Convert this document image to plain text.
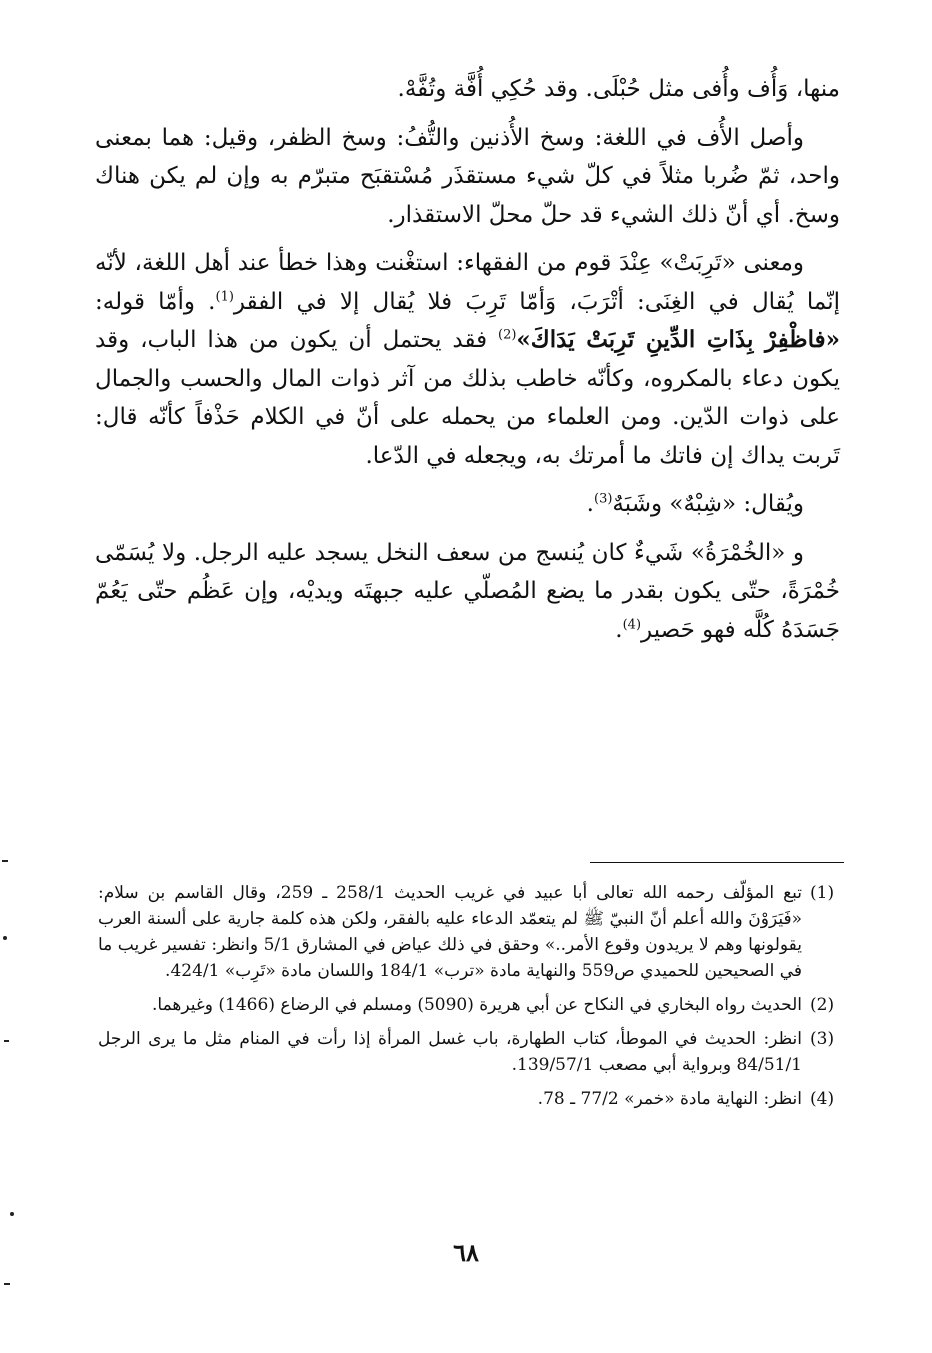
منها، وَأُف وأُفى مثل حُبْلَى. وقد حُكِي أُفَّة وتُفَّهْ.

وأصل الأُف في اللغة: وسخ الأُذنين والتُّفُ: وسخ الظفر، وقيل: هما بمعنى واحد، ثمّ ضُربا مثلاً في كلّ شيء مستقذَر مُسْتقبَح متبرّم به وإن لم يكن هناك وسخ. أي أنّ ذلك الشيء قد حلّ محلّ الاستقذار.

ومعنى «تَرِبَتْ» عِنْدَ قوم من الفقهاء: استغْنت وهذا خطأ عند أهل اللغة، لأنّه إنّما يُقال في الغِنَى: أتْرَبَ، وَأمّا تَرِبَ فلا يُقال إلا في الفقر$^{(1)}$. وأمّا قوله: «فاظْفِرْ بِذَاتِ الدِّينِ تَرِبَتْ يَدَاكَ»$^{(2)}$ فقد يحتمل أن يكون من هذا الباب، وقد يكون دعاء بالمكروه، وكأنّه خاطب بذلك من آثر ذوات المال والحسب والجمال على ذوات الدّين. ومن العلماء من يحمله على أنّ في الكلام حَذْفاً كأنّه قال: تَربت يداك إن فاتك ما أمرتك به، ويجعله في الدّعا.

ويُقال: «شِبْهٌ» وشَبَهٌ$^{(3)}$.

و «الخُمْرَةُ» شَيءٌ كان يُنسج من سعف النخل يسجد عليه الرجل. ولا يُسَمّى خُمْرَةً، حتّى يكون بقدر ما يضع المُصلّي عليه جبهتَه ويديْه، وإن عَظُم حتّى يَعُمّ جَسَدَهُ كُلَّه فهو حَصير$^{(4)}$.

(1)
تبع المؤلّف رحمه الله تعالى أبا عبيد في غريب الحديث 258/1 ـ 259، وقال القاسم بن سلام: «فَيَرَوْنَ والله أعلم أنّ النبيّ ﷺ لم يتعمّد الدعاء عليه بالفقر، ولكن هذه كلمة جارية على ألسنة العرب يقولونها وهم لا يريدون وقوع الأمر..» وحقق في ذلك عياض في المشارق 5/1 وانظر: تفسير غريب ما في الصحيحين للحميدي ص559 والنهاية مادة «ترب» 184/1 واللسان مادة «تَرِب» 424/1.
(2)
الحديث رواه البخاري في النكاح عن أبي هريرة (5090) ومسلم في الرضاع (1466) وغيرهما.
(3)
انظر: الحديث في الموطأ، كتاب الطهارة، باب غسل المرأة إذا رأت في المنام مثل ما يرى الرجل 84/51/1 وبرواية أبي مصعب 139/57/1.
(4)
انظر: النهاية مادة «خمر» 77/2 ـ 78.
٦٨
